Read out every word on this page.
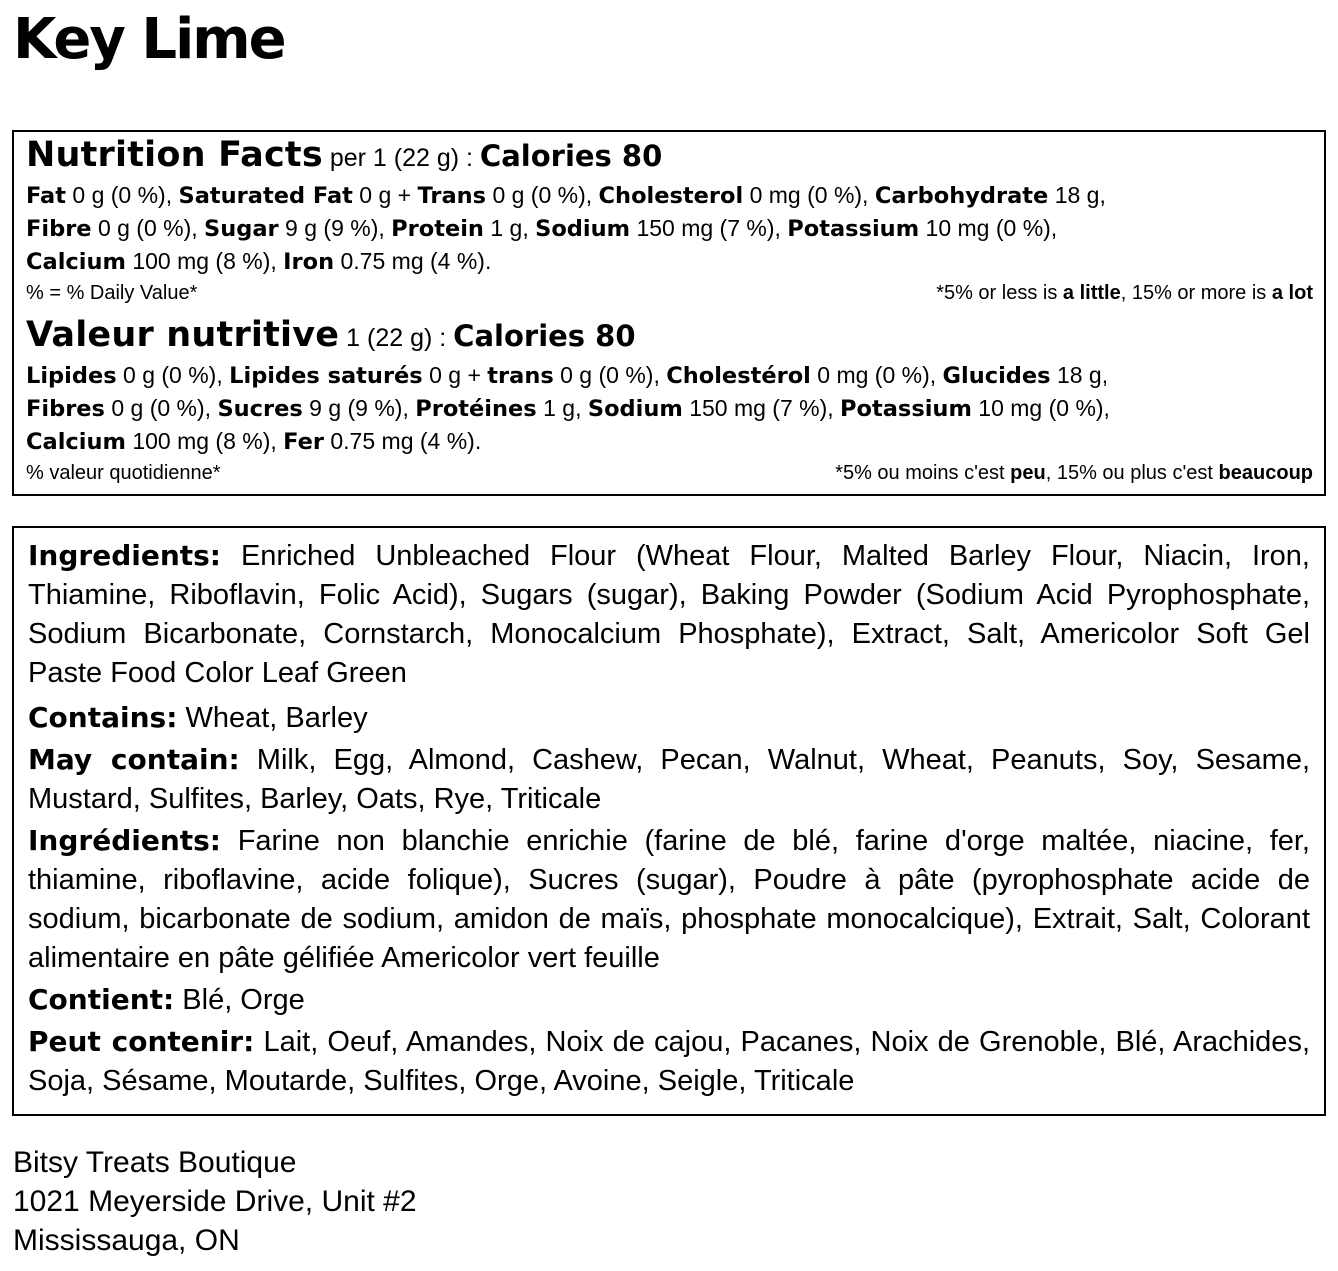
Key Lime
Nutrition Facts per 1 (22 g) : Calories 80
Fat 0 g (0 %), Saturated Fat 0 g + Trans 0 g (0 %), Cholesterol 0 mg (0 %), Carbohydrate 18 g,
Fibre 0 g (0 %), Sugar 9 g (9 %), Protein 1 g, Sodium 150 mg (7 %), Potassium 10 mg (0 %),
Calcium 100 mg (8 %), Iron 0.75 mg (4 %).
% = % Daily Value*	*5% or less is a little, 15% or more is a lot
Valeur nutritive 1 (22 g) : Calories 80
Lipides 0 g (0 %), Lipides saturés 0 g + trans 0 g (0 %), Cholestérol 0 mg (0 %), Glucides 18 g,
Fibres 0 g (0 %), Sucres 9 g (9 %), Protéines 1 g, Sodium 150 mg (7 %), Potassium 10 mg (0 %),
Calcium 100 mg (8 %), Fer 0.75 mg (4 %).
% valeur quotidienne*	*5% ou moins c'est peu, 15% ou plus c'est beaucoup

Ingredients: Enriched Unbleached Flour (Wheat Flour, Malted Barley Flour, Niacin, Iron, Thiamine, Riboflavin, Folic Acid), Sugars (sugar), Baking Powder (Sodium Acid Pyrophosphate, Sodium Bicarbonate, Cornstarch, Monocalcium Phosphate), Extract, Salt, Americolor Soft Gel Paste Food Color Leaf Green

Contains: Wheat, Barley

May contain: Milk, Egg, Almond, Cashew, Pecan, Walnut, Wheat, Peanuts, Soy, Sesame, Mustard, Sulfites, Barley, Oats, Rye, Triticale

Ingrédients: Farine non blanchie enrichie (farine de blé, farine d'orge maltée, niacine, fer, thiamine, riboflavine, acide folique), Sucres (sugar), Poudre à pâte (pyrophosphate acide de sodium, bicarbonate de sodium, amidon de maïs, phosphate monocalcique), Extrait, Salt, Colorant alimentaire en pâte gélifiée Americolor vert feuille

Contient: Blé, Orge

Peut contenir: Lait, Oeuf, Amandes, Noix de cajou, Pacanes, Noix de Grenoble, Blé, Arachides, Soja, Sésame, Moutarde, Sulfites, Orge, Avoine, Seigle, Triticale

Bitsy Treats Boutique
1021 Meyerside Drive, Unit #2
Mississauga, ON
